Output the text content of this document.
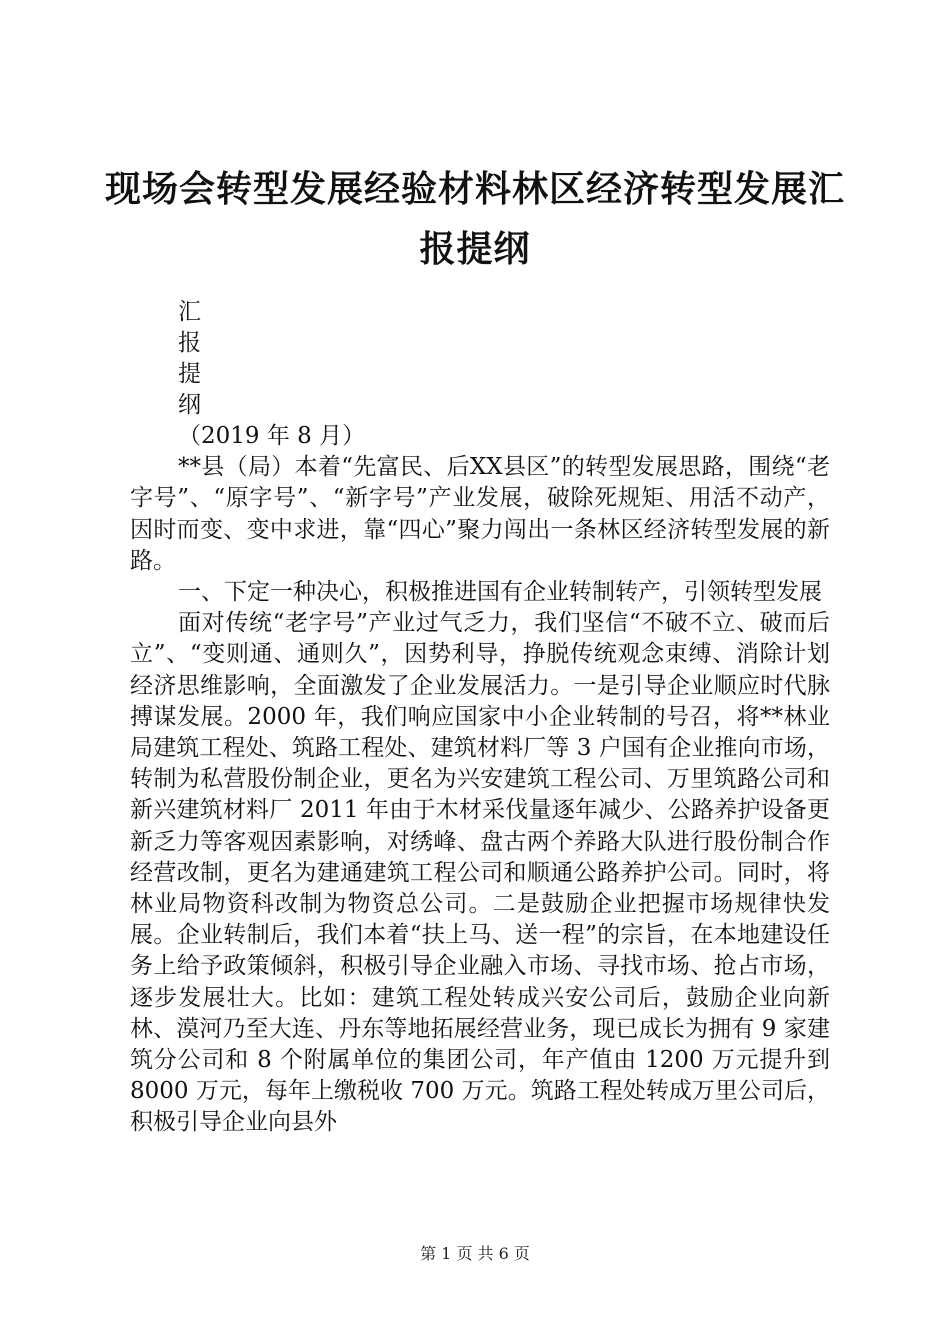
现场会转型发展经验材料林区经济转型发展汇报提纲
汇
报
提
纲

（2019 年 8 月）

**县（局）本着“先富民、后XX县区”的转型发展思路，围绕“老字号”、“原字号”、“新字号”产业发展，破除死规矩、用活不动产，因时而变、变中求进，靠“四心”聚力闯出一条林区经济转型发展的新路。

一、下定一种决心，积极推进国有企业转制转产，引领转型发展

面对传统“老字号”产业过气乏力，我们坚信“不破不立、破而后立”、“变则通、通则久”，因势利导，挣脱传统观念束缚、消除计划经济思维影响，全面激发了企业发展活力。一是引导企业顺应时代脉搏谋发展。2000 年，我们响应国家中小企业转制的号召，将**林业局建筑工程处、筑路工程处、建筑材料厂等 3 户国有企业推向市场，转制为私营股份制企业，更名为兴安建筑工程公司、万里筑路公司和新兴建筑材料厂 2011 年由于木材采伐量逐年减少、公路养护设备更新乏力等客观因素影响，对绣峰、盘古两个养路大队进行股份制合作经营改制，更名为建通建筑工程公司和顺通公路养护公司。同时，将林业局物资科改制为物资总公司。二是鼓励企业把握市场规律快发展。企业转制后，我们本着“扶上马、送一程”的宗旨，在本地建设任务上给予政策倾斜，积极引导企业融入市场、寻找市场、抢占市场，逐步发展壮大。比如：建筑工程处转成兴安公司后，鼓励企业向新林、漠河乃至大连、丹东等地拓展经营业务，现已成长为拥有 9 家建筑分公司和 8 个附属单位的集团公司，年产值由 1200 万元提升到 8000 万元，每年上缴税收 700 万元。筑路工程处转成万里公司后，积极引导企业向县外

第 1 页 共 6 页
